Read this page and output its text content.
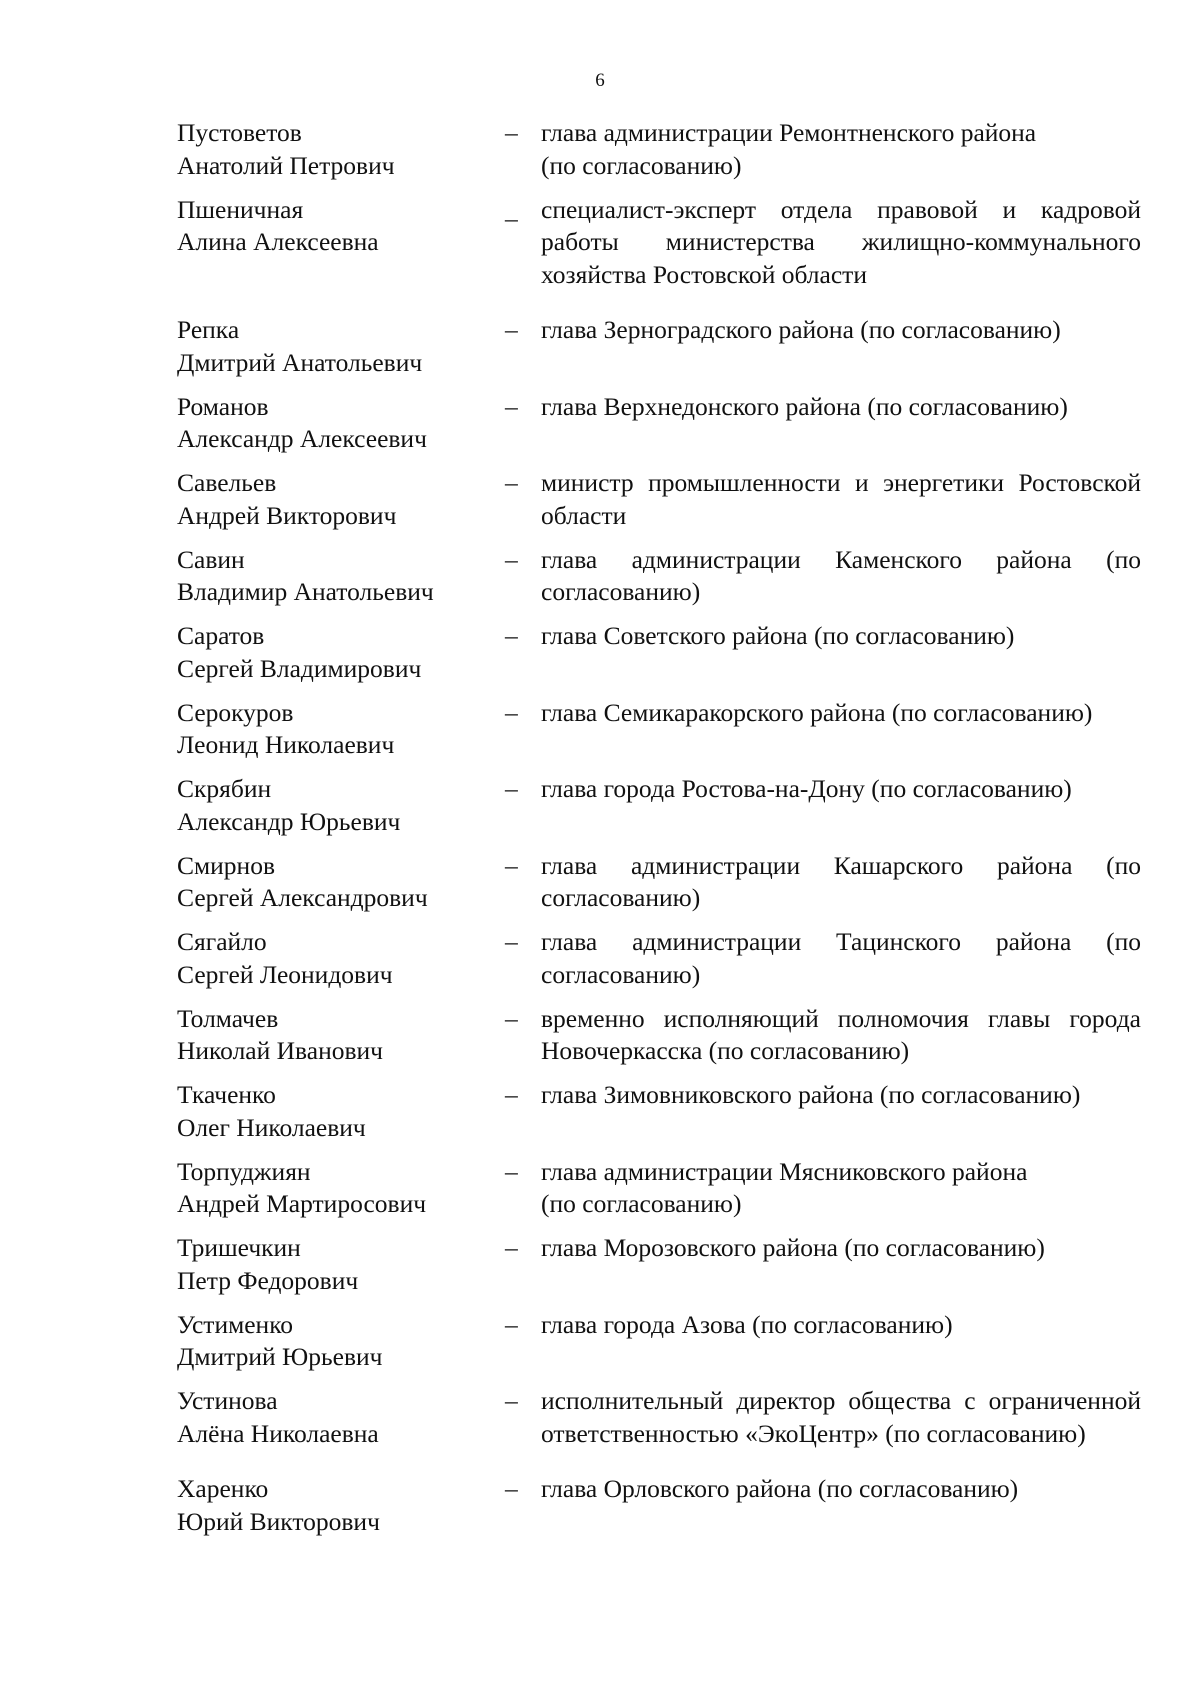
6
Пустоветов
Анатолий Петрович
– глава администрации Ремонтненского района
(по согласованию)
Пшеничная
Алина Алексеевна
_ специалист-эксперт отдела правовой и кадровой работы министерства жилищно-коммунального хозяйства Ростовской области
Репка
Дмитрий Анатольевич
– глава Зерноградского района (по согласованию)
Романов
Александр Алексеевич
– глава Верхнедонского района (по согласованию)
Савельев
Андрей Викторович
– министр промышленности и энергетики Ростовской области
Савин
Владимир Анатольевич
– глава администрации Каменского района (по согласованию)
Саратов
Сергей Владимирович
– глава Советского района (по согласованию)
Серокуров
Леонид Николаевич
– глава Семикаракорского района (по согласованию)
Скрябин
Александр Юрьевич
– глава города Ростова-на-Дону (по согласованию)
Смирнов
Сергей Александрович
– глава администрации Кашарского района (по согласованию)
Сягайло
Сергей Леонидович
– глава администрации Тацинского района (по согласованию)
Толмачев
Николай Иванович
– временно исполняющий полномочия главы города Новочеркасска (по согласованию)
Ткаченко
Олег Николаевич
– глава Зимовниковского района (по согласованию)
Торпуджиян
Андрей Мартиросович
– глава администрации Мясниковского района
(по согласованию)
Тришечкин
Петр Федорович
– глава Морозовского района (по согласованию)
Устименко
Дмитрий Юрьевич
– глава города Азова (по согласованию)
Устинова
Алёна Николаевна
– исполнительный директор общества с ограниченной ответственностью «ЭкоЦентр» (по согласованию)
Харенко
Юрий Викторович
– глава Орловского района (по согласованию)
